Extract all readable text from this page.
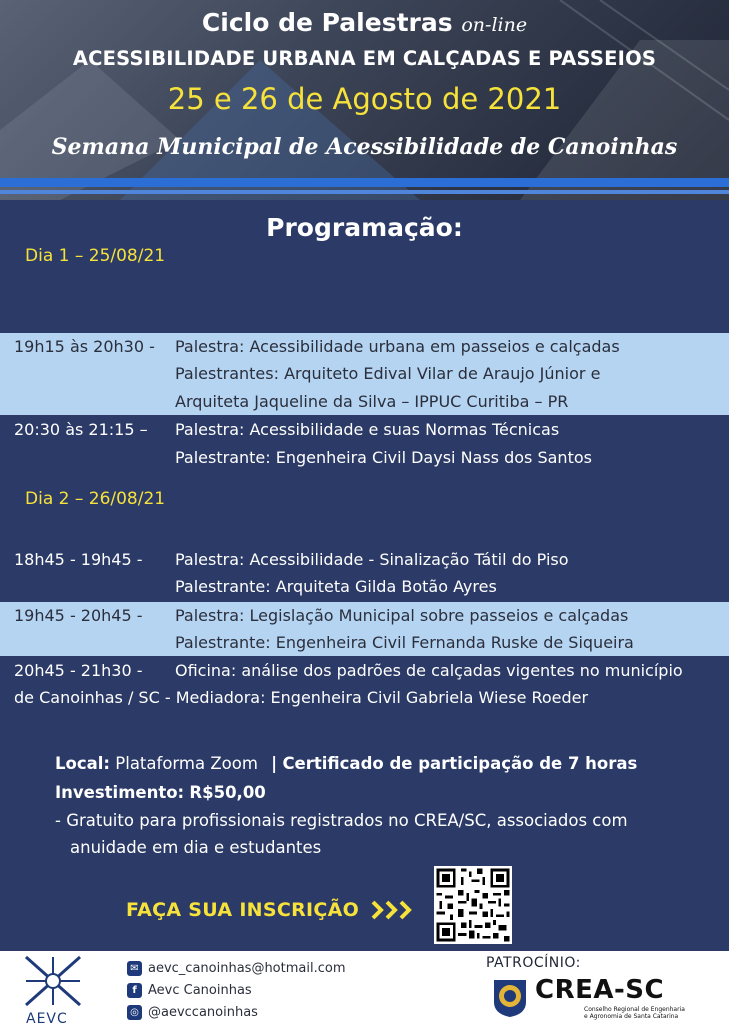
Ciclo de Palestras on-line
ACESSIBILIDADE URBANA EM CALÇADAS E PASSEIOS
25 e 26 de Agosto de 2021
Semana Municipal de Acessibilidade de Canoinhas
Programação:
Dia 1 – 25/08/21
19h15 às 20h30 - Palestra: Acessibilidade urbana em passeios e calçadas
Palestrantes: Arquiteto Edival Vilar de Araujo Júnior e
Arquiteta Jaqueline da Silva – IPPUC Curitiba – PR
20:30 às 21:15 – Palestra: Acessibilidade e suas Normas Técnicas
Palestrante: Engenheira Civil Daysi Nass dos Santos
Dia 2 – 26/08/21
18h45 - 19h45 - Palestra: Acessibilidade - Sinalização Tátil do Piso
Palestrante: Arquiteta Gilda Botão Ayres
19h45 - 20h45 - Palestra: Legislação Municipal sobre passeios e calçadas
Palestrante: Engenheira Civil Fernanda Ruske de Siqueira
20h45 - 21h30 - Oficina: análise dos padrões de calçadas vigentes no município
de Canoinhas / SC - Mediadora: Engenheira Civil Gabriela Wiese Roeder
Local: Plataforma Zoom | Certificado de participação de 7 horas
Investimento: R$50,00
- Gratuito para profissionais registrados no CREA/SC, associados com
anuidade em dia e estudantes
FAÇA SUA INSCRIÇÃO
AEVC
✉ aevc_canoinhas@hotmail.com
f Aevc Canoinhas
◎ @aevccanoinhas
PATROCÍNIO:
CREA-SC
Conselho Regional de Engenharia
e Agronomia de Santa Catarina
